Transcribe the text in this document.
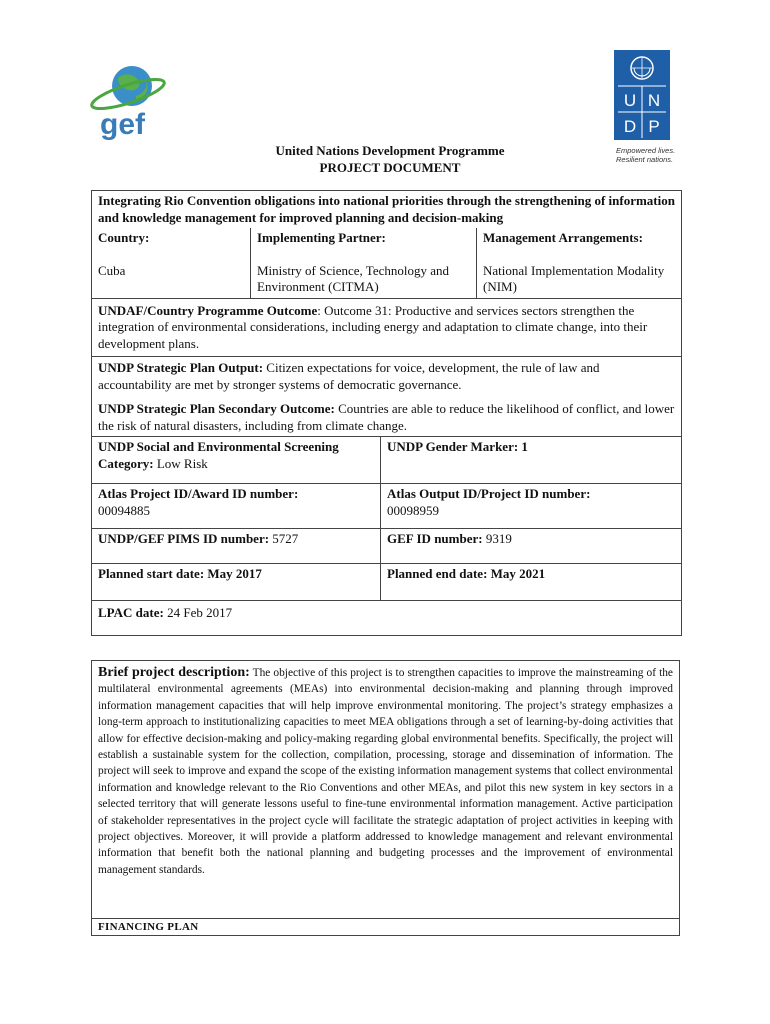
gef
U N
D P
Empowered lives.
Resilient nations.
United Nations Development Programme
PROJECT DOCUMENT
Integrating Rio Convention obligations into national priorities through the strengthening of information and knowledge management for improved planning and decision-making
Country:
Cuba
Implementing Partner:
Ministry of Science, Technology and Environment (CITMA)
Management Arrangements:
National Implementation Modality (NIM)
UNDAF/Country Programme Outcome: Outcome 31: Productive and services sectors strengthen the integration of environmental considerations, including energy and adaptation to climate change, into their development plans.
UNDP Strategic Plan Output: Citizen expectations for voice, development, the rule of law and accountability are met by stronger systems of democratic governance.
UNDP Strategic Plan Secondary Outcome: Countries are able to reduce the likelihood of conflict, and lower the risk of natural disasters, including from climate change.
UNDP Social and Environmental Screening Category: Low Risk
UNDP Gender Marker: 1
Atlas Project ID/Award ID number:
00094885
Atlas Output ID/Project ID number:
00098959
UNDP/GEF PIMS ID number: 5727	GEF ID number: 9319
Planned start date: May 2017	Planned end date: May 2021
LPAC date: 24 Feb 2017
Brief project description: The objective of this project is to strengthen capacities to improve the mainstreaming of the multilateral environmental agreements (MEAs) into environmental decision-making and planning through improved information management capacities that will help improve environmental monitoring. The project’s strategy emphasizes a long-term approach to institutionalizing capacities to meet MEA obligations through a set of learning-by-doing activities that allow for effective decision-making and policy-making regarding global environmental benefits. Specifically, the project will establish a sustainable system for the collection, compilation, processing, storage and dissemination of information. The project will seek to improve and expand the scope of the existing information management systems that collect environmental information and knowledge relevant to the Rio Conventions and other MEAs, and pilot this new system in key sectors in a selected territory that will generate lessons useful to fine-tune environmental information management. Active participation of stakeholder representatives in the project cycle will facilitate the strategic adaptation of project activities in keeping with project objectives. Moreover, it will provide a platform addressed to knowledge management and relevant environmental information that benefit both the national planning and budgeting processes and the improvement of environmental management standards.
FINANCING PLAN
